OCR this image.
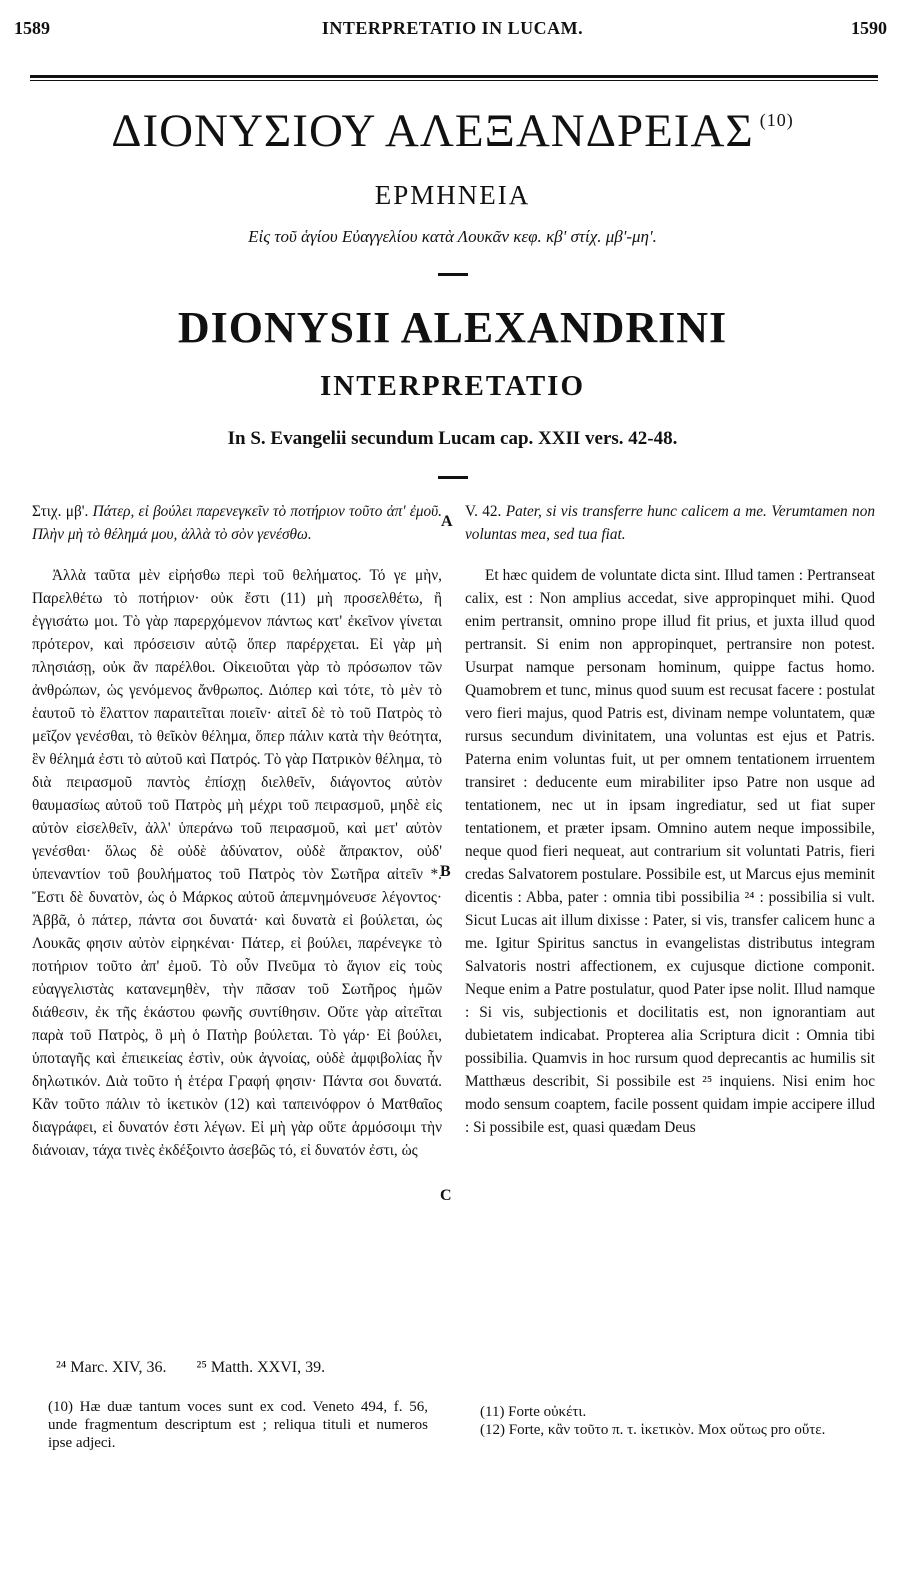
1589	INTERPRETATIO IN LUCAM.	1590
ΔΙΟΝΥΣΙΟΥ ΑΛΕΞΑΝΔΡΕΙΑΣ $^{(10)}$
ΕΡΜΗΝΕΙΑ
Εἰς τοῦ ἁγίου Εὐαγγελίου κατὰ Λουκᾶν κεφ. κβ' στίχ. μβ'-μη'.
DIONYSII ALEXANDRINI
INTERPRETATIO
In S. Evangelii secundum Lucam cap. XXII vers. 42-48.

Στιχ. μβ'. Πάτερ, εἰ βούλει παρενεγκεῖν τὸ ποτήριον τοῦτο ἀπ' ἐμοῦ. Πλὴν μὴ τὸ θέλημά μου, ἀλλὰ τὸ σὸν γενέσθω.

Ἀλλὰ ταῦτα μὲν εἰρήσθω περὶ τοῦ θελήματος. Τό γε μὴν, Παρελθέτω τὸ ποτήριον· οὐκ ἔστι (11) μὴ προσελθέτω, ἢ ἐγγισάτω μοι. Τὸ γὰρ παρερχόμενον πάντως κατ' ἐκεῖνον γίνεται πρότερον, καὶ πρόσεισιν αὐτῷ ὅπερ παρέρχεται. Εἰ γὰρ μὴ πλησιάσῃ, οὐκ ἂν παρέλθοι. Οἰκειοῦται γὰρ τὸ πρόσωπον τῶν ἀνθρώπων, ὡς γενόμενος ἄνθρωπος. Διόπερ καὶ τότε, τὸ μὲν τὸ ἑαυτοῦ τὸ ἔλαττον παραιτεῖται ποιεῖν· αἰτεῖ δὲ τὸ τοῦ Πατρὸς τὸ μεῖζον γενέσθαι, τὸ θεῖκὸν θέλημα, ὅπερ πάλιν κατὰ τὴν θεότητα, ἓν θέλημά ἐστι τὸ αὐτοῦ καὶ Πατρός. Τὸ γὰρ Πατρικὸν θέλημα, τὸ διὰ πειρασμοῦ παντὸς ἐπίσχῃ διελθεῖν, διάγοντος αὐτὸν θαυμασίως αὐτοῦ τοῦ Πατρὸς μὴ μέχρι τοῦ πειρασμοῦ, μηδὲ εἰς αὐτὸν εἰσελθεῖν, ἀλλ' ὑπεράνω τοῦ πειρασμοῦ, καὶ μετ' αὐτὸν γενέσθαι· ὅλως δὲ οὐδὲ ἀδύνατον, οὐδὲ ἄπρακτον, οὐδ' ὑπεναντίον τοῦ βουλήματος τοῦ Πατρὸς τὸν Σωτῆρα αἰτεῖν *. Ἔστι δὲ δυνατὸν, ὡς ὁ Μάρκος αὐτοῦ ἀπεμνημόνευσε λέγοντος· Ἀββᾶ, ὁ πάτερ, πάντα σοι δυνατά· καὶ δυνατὰ εἰ βούλεται, ὡς Λουκᾶς φησιν αὐτὸν εἰρηκέναι· Πάτερ, εἰ βούλει, παρένεγκε τὸ ποτήριον τοῦτο ἀπ' ἐμοῦ. Τὸ οὖν Πνεῦμα τὸ ἅγιον εἰς τοὺς εὐαγγελιστὰς κατανεμηθὲν, τὴν πᾶσαν τοῦ Σωτῆρος ἡμῶν διάθεσιν, ἐκ τῆς ἑκάστου φωνῆς συντίθησιν. Οὔτε γὰρ αἰτεῖται παρὰ τοῦ Πατρὸς, ὃ μὴ ὁ Πατὴρ βούλεται. Τὸ γάρ· Εἰ βούλει, ὑποταγῆς καὶ ἐπιεικείας ἐστὶν, οὐκ ἀγνοίας, οὐδὲ ἀμφιβολίας ἦν δηλωτικόν. Διὰ τοῦτο ἡ ἑτέρα Γραφή φησιν· Πάντα σοι δυνατά. Κἂν τοῦτο πάλιν τὸ ἱκετικὸν (12) καὶ ταπεινόφρον ὁ Ματθαῖος διαγράφει, εἰ δυνατόν ἐστι λέγων. Εἰ μὴ γὰρ οὕτε ἁρμόσοιμι τὴν διάνοιαν, τάχα τινὲς ἐκδέξοιντο ἀσεβῶς τό, εἰ δυνατόν ἐστι, ὡς

A
B
C

V. 42. Pater, si vis transferre hunc calicem a me. Verumtamen non voluntas mea, sed tua fiat.

Et hæc quidem de voluntate dicta sint. Illud tamen : Pertranseat calix, est : Non amplius accedat, sive appropinquet mihi. Quod enim pertransit, omnino prope illud fit prius, et juxta illud quod pertransit. Si enim non appropinquet, pertransire non potest. Usurpat namque personam hominum, quippe factus homo. Quamobrem et tunc, minus quod suum est recusat facere : postulat vero fieri majus, quod Patris est, divinam nempe voluntatem, quæ rursus secundum divinitatem, una voluntas est ejus et Patris. Paterna enim voluntas fuit, ut per omnem tentationem irruentem transiret : deducente eum mirabiliter ipso Patre non usque ad tentationem, nec ut in ipsam ingrediatur, sed ut fiat super tentationem, et præter ipsam. Omnino autem neque impossibile, neque quod fieri nequeat, aut contrarium sit voluntati Patris, fieri credas Salvatorem postulare. Possibile est, ut Marcus ejus meminit dicentis : Abba, pater : omnia tibi possibilia ²⁴ : possibilia si vult. Sicut Lucas ait illum dixisse : Pater, si vis, transfer calicem hunc a me. Igitur Spiritus sanctus in evangelistas distributus integram Salvatoris nostri affectionem, ex cujusque dictione componit. Neque enim a Patre postulatur, quod Pater ipse nolit. Illud namque : Si vis, subjectionis et docilitatis est, non ignorantiam aut dubietatem indicabat. Propterea alia Scriptura dicit : Omnia tibi possibilia. Quamvis in hoc rursum quod deprecantis ac humilis sit Matthæus describit, Si possibile est ²⁵ inquiens. Nisi enim hoc modo sensum coaptem, facile possent quidam impie accipere illud : Si possibile est, quasi quædam Deus

²⁴ Marc. XIV, 36. ²⁵ Matth. XXVI, 39.

(10) Hæ duæ tantum voces sunt ex cod. Veneto 494, f. 56, unde fragmentum descriptum est ; reliqua tituli et numeros ipse adjeci.

(11) Forte οὐκέτι.

(12) Forte, κἂν τοῦτο π. τ. ἱκετικὸν. Mox οὕτως pro οὔτε.
